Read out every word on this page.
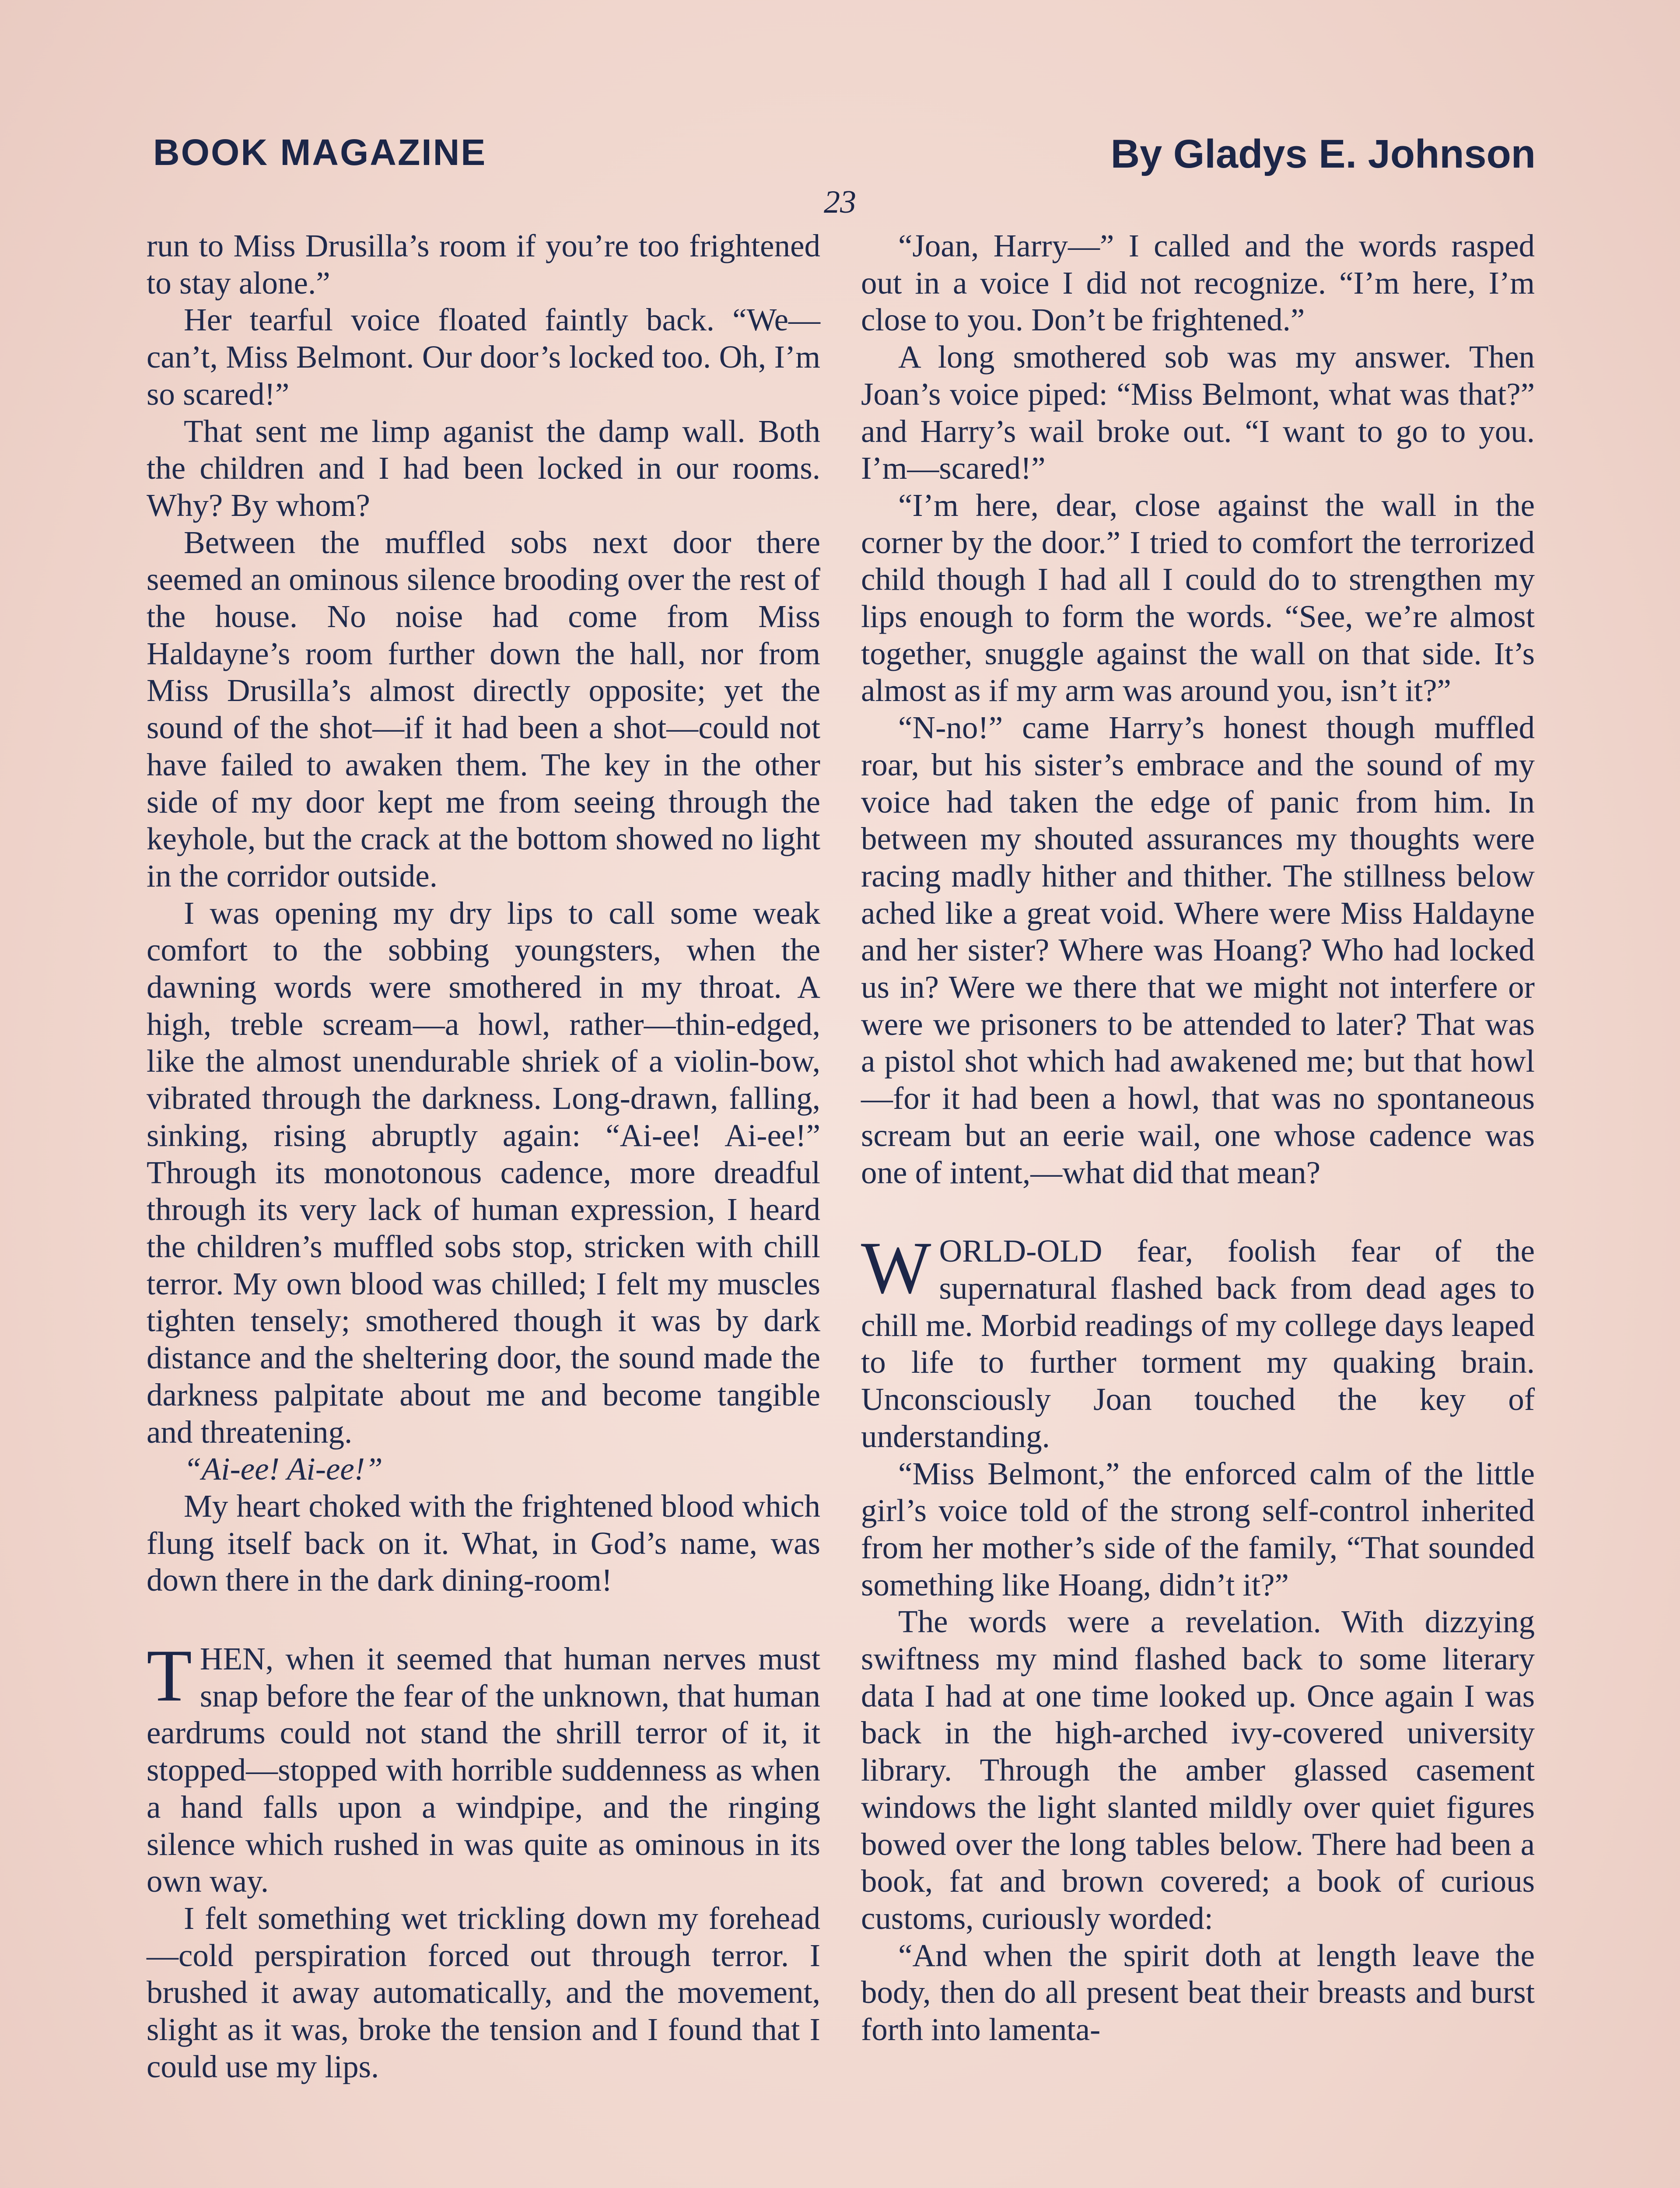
BOOK MAGAZINE	By Gladys E. Johnson
23

run to Miss Drusilla’s room if you’re too frightened to stay alone.”

Her tearful voice floated faintly back. “We—can’t, Miss Belmont. Our door’s locked too. Oh, I’m so scared!”

That sent me limp aganist the damp wall. Both the children and I had been locked in our rooms. Why? By whom?

Between the muffled sobs next door there seemed an ominous silence brooding over the rest of the house. No noise had come from Miss Haldayne’s room further down the hall, nor from Miss Drusilla’s almost directly opposite; yet the sound of the shot—if it had been a shot—could not have failed to awaken them. The key in the other side of my door kept me from seeing through the keyhole, but the crack at the bottom showed no light in the corridor outside.

I was opening my dry lips to call some weak comfort to the sobbing youngsters, when the dawning words were smothered in my throat. A high, treble scream—a howl, rather—thin-edged, like the almost unendurable shriek of a violin-bow, vibrated through the darkness. Long-drawn, falling, sinking, rising abruptly again: “Ai-ee! Ai-ee!” Through its monotonous cadence, more dreadful through its very lack of human expression, I heard the children’s muffled sobs stop, stricken with chill terror. My own blood was chilled; I felt my muscles tighten tensely; smothered though it was by dark distance and the sheltering door, the sound made the darkness palpitate about me and become tangible and threatening.

“Ai-ee! Ai-ee!”

My heart choked with the frightened blood which flung itself back on it. What, in God’s name, was down there in the dark dining-room!

THEN, when it seemed that human nerves must snap before the fear of the unknown, that human eardrums could not stand the shrill terror of it, it stopped—stopped with horrible suddenness as when a hand falls upon a windpipe, and the ringing silence which rushed in was quite as ominous in its own way.

I felt something wet trickling down my forehead—cold perspiration forced out through terror. I brushed it away automatically, and the movement, slight as it was, broke the tension and I found that I could use my lips.

“Joan, Harry—” I called and the words rasped out in a voice I did not recognize. “I’m here, I’m close to you. Don’t be frightened.”

A long smothered sob was my answer. Then Joan’s voice piped: “Miss Belmont, what was that?” and Harry’s wail broke out. “I want to go to you. I’m—scared!”

“I’m here, dear, close against the wall in the corner by the door.” I tried to comfort the terrorized child though I had all I could do to strengthen my lips enough to form the words. “See, we’re almost together, snuggle against the wall on that side. It’s almost as if my arm was around you, isn’t it?”

“N-no!” came Harry’s honest though muffled roar, but his sister’s embrace and the sound of my voice had taken the edge of panic from him. In between my shouted assurances my thoughts were racing madly hither and thither. The stillness below ached like a great void. Where were Miss Haldayne and her sister? Where was Hoang? Who had locked us in? Were we there that we might not interfere or were we prisoners to be attended to later? That was a pistol shot which had awakened me; but that howl—for it had been a howl, that was no spontaneous scream but an eerie wail, one whose cadence was one of intent,—what did that mean?

WORLD-OLD fear, foolish fear of the supernatural flashed back from dead ages to chill me. Morbid readings of my college days leaped to life to further torment my quaking brain. Unconsciously Joan touched the key of understanding.

“Miss Belmont,” the enforced calm of the little girl’s voice told of the strong self-control inherited from her mother’s side of the family, “That sounded something like Hoang, didn’t it?”

The words were a revelation. With dizzying swiftness my mind flashed back to some literary data I had at one time looked up. Once again I was back in the high-arched ivy-covered university library. Through the amber glassed casement windows the light slanted mildly over quiet figures bowed over the long tables below. There had been a book, fat and brown covered; a book of curious customs, curiously worded:

“And when the spirit doth at length leave the body, then do all present beat their breasts and burst forth into lamenta-
